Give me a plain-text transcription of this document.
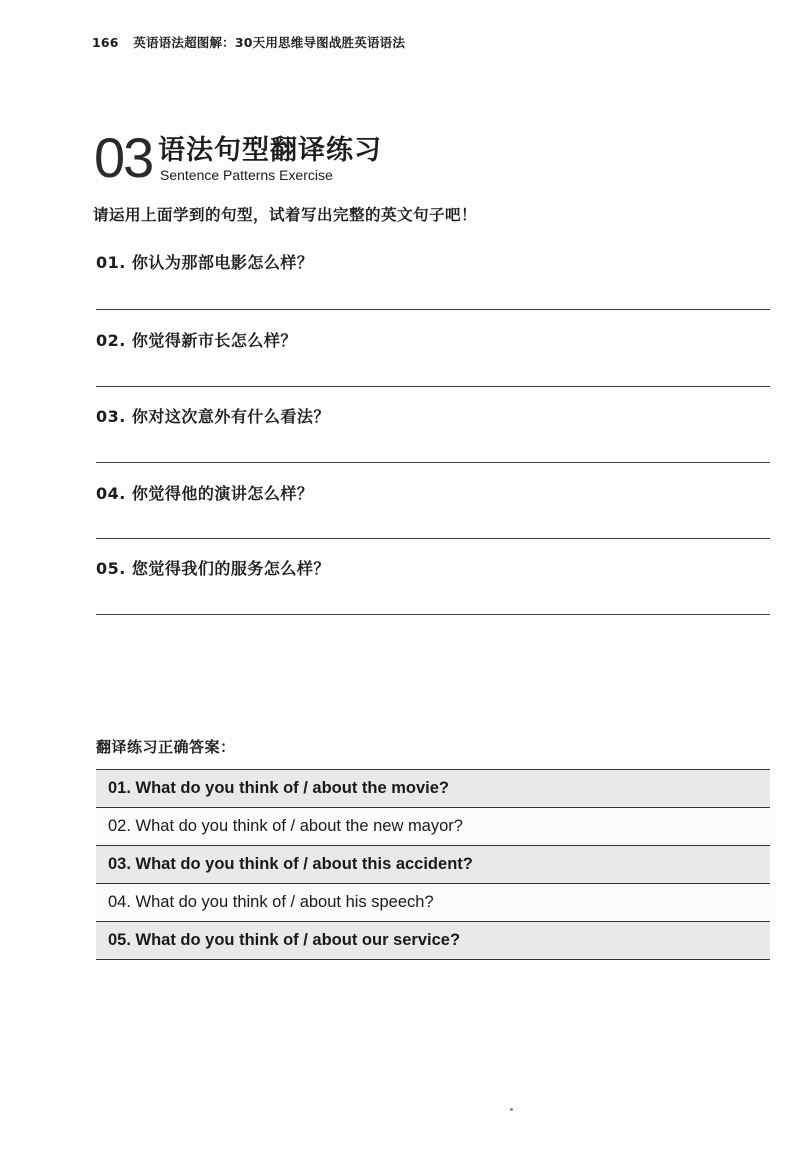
166 英语语法超图解：30天用思维导图战胜英语语法
03 语法句型翻译练习
Sentence Patterns Exercise
请运用上面学到的句型，试着写出完整的英文句子吧！
01. 你认为那部电影怎么样？
02. 你觉得新市长怎么样？
03. 你对这次意外有什么看法？
04. 你觉得他的演讲怎么样？
05. 您觉得我们的服务怎么样？
翻译练习正确答案：
01. What do you think of / about the movie?
02. What do you think of / about the new mayor?
03. What do you think of / about this accident?
04. What do you think of / about his speech?
05. What do you think of / about our service?
